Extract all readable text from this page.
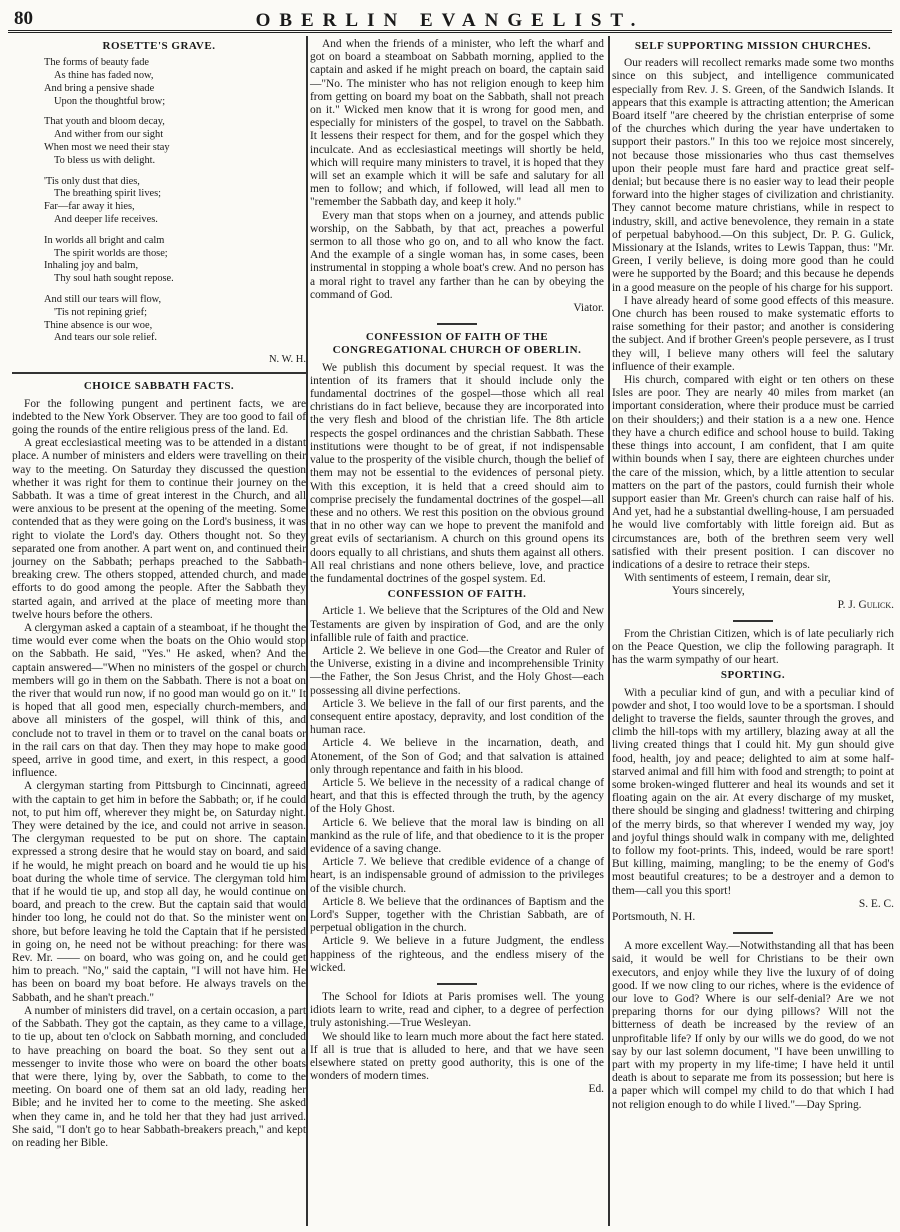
80	OBERLIN EVANGELIST.
ROSETTE'S GRAVE.
The forms of beauty fade
As thine has faded now,
And bring a pensive shade
Upon the thoughtful brow;
That youth and bloom decay,
And wither from our sight
When most we need their stay
To bless us with delight.
'Tis only dust that dies,
The breathing spirit lives;
Far—far away it hies,
And deeper life receives.
In worlds all bright and calm
The spirit worlds are those;
Inhaling joy and balm,
Thy soul hath sought repose.
And still our tears will flow,
'Tis not repining grief;
Thine absence is our woe,
And tears our sole relief.
N. W. H.
CHOICE SABBATH FACTS.

For the following pungent and pertinent facts, we are indebted to the New York Observer. They are too good to fail of going the rounds of the entire religious press of the land. Ed.

A great ecclesiastical meeting was to be attended in a distant place. A number of ministers and elders were travelling on their way to the meeting. On Saturday they discussed the question whether it was right for them to continue their journey on the Sabbath. It was a time of great interest in the Church, and all were anxious to be present at the opening of the meeting. Some contended that as they were going on the Lord's business, it was right to violate the Lord's day. Others thought not. So they separated one from another. A part went on, and continued their journey on the Sabbath; perhaps preached to the Sabbath-breaking crew. The others stopped, attended church, and made efforts to do good among the people. After the Sabbath they started again, and arrived at the place of meeting more than twelve hours before the others.

A clergyman asked a captain of a steamboat, if he thought the time would ever come when the boats on the Ohio would stop on the Sabbath. He said, "Yes." He asked, when? And the captain answered—"When no ministers of the gospel or church members will go in them on the Sabbath. There is not a boat on the river that would run now, if no good man would go on it." It is hoped that all good men, especially church-members, and above all ministers of the gospel, will think of this, and conclude not to travel in them or to travel on the canal boats or in the rail cars on that day. Then they may hope to make good speed, arrive in good time, and exert, in this respect, a good influence.

A clergyman starting from Pittsburgh to Cincinnati, agreed with the captain to get him in before the Sabbath; or, if he could not, to put him off, wherever they might be, on Saturday night. They were detained by the ice, and could not arrive in season. The clergyman requested to be put on shore. The captain expressed a strong desire that he would stay on board, and said if he would, he might preach on board and he would tie up his boat during the whole time of service. The clergyman told him that if he would tie up, and stop all day, he would continue on board, and preach to the crew. But the captain said that would hinder too long, he could not do that. So the minister went on shore, but before leaving he told the Captain that if he persisted in going on, he need not be without preaching: for there was Rev. Mr. —— on board, who was going on, and he could get him to preach. "No," said the captain, "I will not have him. He has been on board my boat before. He always travels on the Sabbath, and he shan't preach."

A number of ministers did travel, on a certain occasion, a part of the Sabbath. They got the captain, as they came to a village, to tie up, about ten o'clock on Sabbath morning, and concluded to have preaching on board the boat. So they sent out a messenger to invite those who were on board the other boats that were there, lying by, over the Sabbath, to come to the meeting. On board one of them sat an old lady, reading her Bible; and he invited her to come to the meeting. She asked when they came in, and he told her that they had just arrived. She said, "I don't go to hear Sabbath-breakers preach," and kept on reading her Bible.

And when the friends of a minister, who left the wharf and got on board a steamboat on Sabbath morning, applied to the captain and asked if he might preach on board, the captain said—"No. The minister who has not religion enough to keep him from getting on board my boat on the Sabbath, shall not preach on it." Wicked men know that it is wrong for good men, and especially for ministers of the gospel, to travel on the Sabbath. It lessens their respect for them, and for the gospel which they inculcate. And as ecclesiastical meetings will shortly be held, which will require many ministers to travel, it is hoped that they will set an example which it will be safe and salutary for all men to follow; and which, if followed, will lead all men to "remember the Sabbath day, and keep it holy."

Every man that stops when on a journey, and attends public worship, on the Sabbath, by that act, preaches a powerful sermon to all those who go on, and to all who know the fact. And the example of a single woman has, in some cases, been instrumental in stopping a whole boat's crew. And no person has a moral right to travel any farther than he can by obeying the command of God.

Viator.
CONFESSION OF FAITH OF THE CONGREGATIONAL CHURCH OF OBERLIN.

We publish this document by special request. It was the intention of its framers that it should include only the fundamental doctrines of the gospel—those which all real christians do in fact believe, because they are incorporated into the very flesh and blood of the christian life. The 8th article respects the gospel ordinances and the christian Sabbath. These institutions were thought to be of great, if not indispensable value to the prosperity of the visible church, though the belief of them may not be essential to the evidences of personal piety. With this exception, it is held that a creed should aim to comprise precisely the fundamental doctrines of the gospel—all these and no others. We rest this position on the obvious ground that in no other way can we hope to prevent the manifold and great evils of sectarianism. A church on this ground opens its doors equally to all christians, and shuts them against all others. All real christians and none others believe, love, and practice the fundamental doctrines of the gospel system. Ed.

CONFESSION OF FAITH.

Article 1. We believe that the Scriptures of the Old and New Testaments are given by inspiration of God, and are the only infallible rule of faith and practice.

Article 2. We believe in one God—the Creator and Ruler of the Universe, existing in a divine and incomprehensible Trinity—the Father, the Son Jesus Christ, and the Holy Ghost—each possessing all divine perfections.

Article 3. We believe in the fall of our first parents, and the consequent entire apostacy, depravity, and lost condition of the human race.

Article 4. We believe in the incarnation, death, and Atonement, of the Son of God; and that salvation is attained only through repentance and faith in his blood.

Article 5. We believe in the necessity of a radical change of heart, and that this is effected through the truth, by the agency of the Holy Ghost.

Article 6. We believe that the moral law is binding on all mankind as the rule of life, and that obedience to it is the proper evidence of a saving change.

Article 7. We believe that credible evidence of a change of heart, is an indispensable ground of admission to the privileges of the visible church.

Article 8. We believe that the ordinances of Baptism and the Lord's Supper, together with the Christian Sabbath, are of perpetual obligation in the church.

Article 9. We believe in a future Judgment, the endless happiness of the righteous, and the endless misery of the wicked.

The School for Idiots at Paris promises well. The young idiots learn to write, read and cipher, to a degree of perfection truly astonishing.—True Wesleyan.

We should like to learn much more about the fact here stated. If all is true that is alluded to here, and that we have seen elsewhere stated on pretty good authority, this is one of the wonders of modern times.

Ed.
SELF SUPPORTING MISSION CHURCHES.

Our readers will recollect remarks made some two months since on this subject, and intelligence communicated especially from Rev. J. S. Green, of the Sandwich Islands. It appears that this example is attracting attention; the American Board itself "are cheered by the christian enterprise of some of the churches which during the year have undertaken to support their pastors." In this too we rejoice most sincerely, not because those missionaries who thus cast themselves upon their people must fare hard and practice great self-denial; but because there is no easier way to lead their people forward into the higher stages of civilization and christianity. They cannot become mature christians, while in respect to industry, skill, and active benevolence, they remain in a state of perpetual babyhood.—On this subject, Dr. P. G. Gulick, Missionary at the Islands, writes to Lewis Tappan, thus: "Mr. Green, I verily believe, is doing more good than he could were he supported by the Board; and this because he depends in a good measure on the people of his charge for his support.

I have already heard of some good effects of this measure. One church has been roused to make systematic efforts to raise something for their pastor; and another is considering the subject. And if brother Green's people persevere, as I trust they will, I believe many others will feel the salutary influence of their example.

His church, compared with eight or ten others on these Isles are poor. They are nearly 40 miles from market (an important consideration, where their produce must be carried on their shoulders;) and their station is a a new one. Hence they have a church edifice and school house to build. Taking these things into account, I am confident, that I am quite within bounds when I say, there are eighteen churches under the care of the mission, which, by a little attention to secular matters on the part of the pastors, could furnish their whole support easier than Mr. Green's church can raise half of his. And yet, had he a substantial dwelling-house, I am persuaded he would live comfortably with little foreign aid. But as circumstances are, both of the brethren seem very well satisfied with their present position. I can discover no indications of a desire to retrace their steps.

With sentiments of esteem, I remain, dear sir,

Yours sincerely,
P. J. Gulick.

From the Christian Citizen, which is of late peculiarly rich on the Peace Question, we clip the following paragraph. It has the warm sympathy of our heart.

SPORTING.

With a peculiar kind of gun, and with a peculiar kind of powder and shot, I too would love to be a sportsman. I should delight to traverse the fields, saunter through the groves, and climb the hill-tops with my artillery, blazing away at all the living created things that I could hit. My gun should give food, health, joy and peace; delighted to aim at some half-starved animal and fill him with food and strength; to point at some broken-winged flutterer and heal its wounds and set it floating again on the air. At every discharge of my musket, there should be singing and gladness! twittering and chirping of the merry birds, so that wherever I wended my way, joy and joyful things should walk in company with me, delighted to follow my foot-prints. This, indeed, would be rare sport! But killing, maiming, mangling; to be the enemy of God's most beautiful creatures; to be a destroyer and a demon to them—call you this sport!

S. E. C.
Portsmouth, N. H.

A more excellent Way.—Notwithstanding all that has been said, it would be well for Christians to be their own executors, and enjoy while they live the luxury of of doing good. If we now cling to our riches, where is the evidence of our love to God? Where is our self-denial? Are we not preparing thorns for our dying pillows? Will not the bitterness of death be increased by the review of an unprofitable life? If only by our wills we do good, do we not say by our last solemn document, "I have been unwilling to part with my property in my life-time; I have held it until death is about to separate me from its possession; but here is a paper which will compel my child to do that which I had not religion enough to do while I lived."—Day Spring.
